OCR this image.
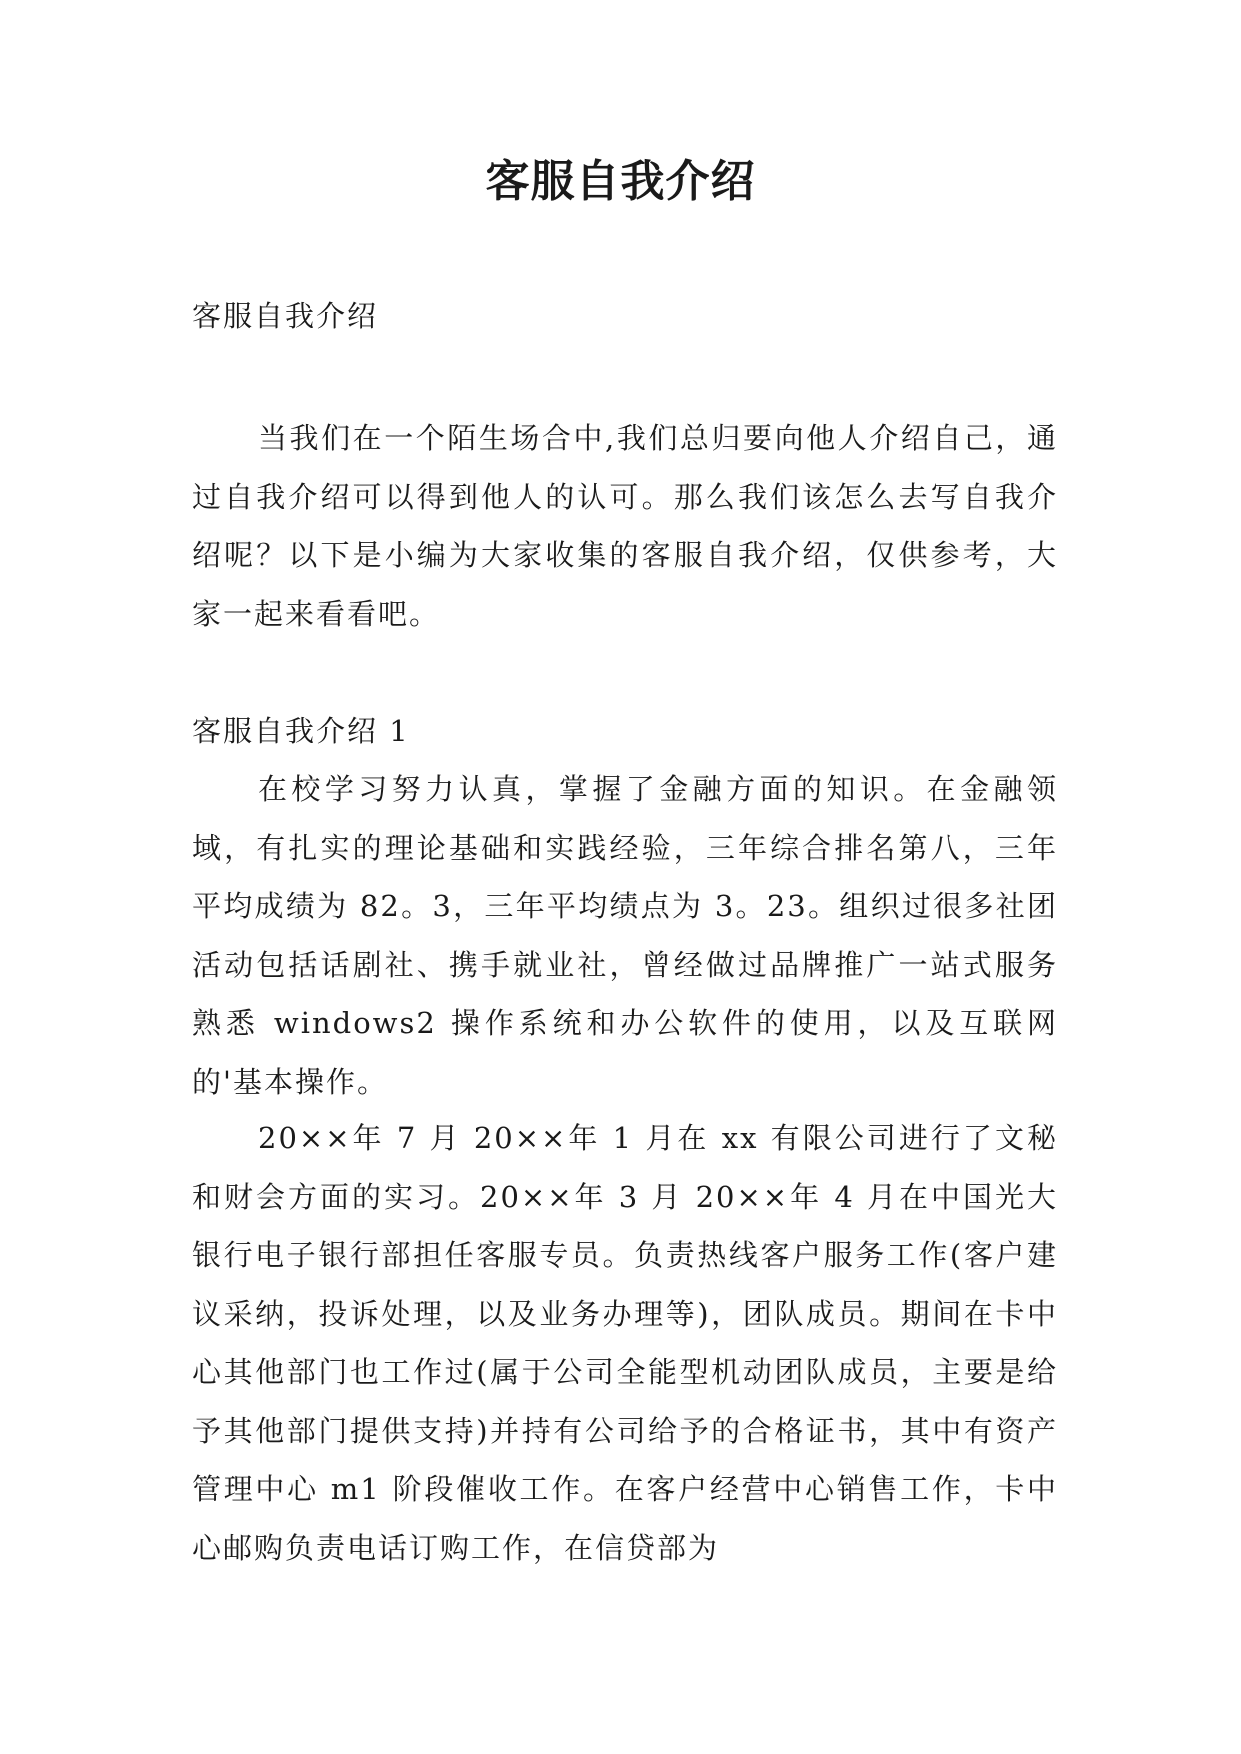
客服自我介绍

客服自我介绍

当我们在一个陌生场合中,我们总归要向他人介绍自己，通过自我介绍可以得到他人的认可。那么我们该怎么去写自我介绍呢？以下是小编为大家收集的客服自我介绍，仅供参考，大家一起来看看吧。

客服自我介绍 1

在校学习努力认真，掌握了金融方面的知识。在金融领域，有扎实的理论基础和实践经验，三年综合排名第八，三年平均成绩为 82。3，三年平均绩点为 3。23。组织过很多社团活动包括话剧社、携手就业社，曾经做过品牌推广一站式服务熟悉 windows2 操作系统和办公软件的使用，以及互联网的'基本操作。

20××年 7 月 20××年 1 月在 xx 有限公司进行了文秘和财会方面的实习。20××年 3 月 20××年 4 月在中国光大银行电子银行部担任客服专员。负责热线客户服务工作(客户建议采纳，投诉处理，以及业务办理等)，团队成员。期间在卡中心其他部门也工作过(属于公司全能型机动团队成员，主要是给予其他部门提供支持)并持有公司给予的合格证书，其中有资产管理中心 m1 阶段催收工作。在客户经营中心销售工作，卡中心邮购负责电话订购工作，在信贷部为
